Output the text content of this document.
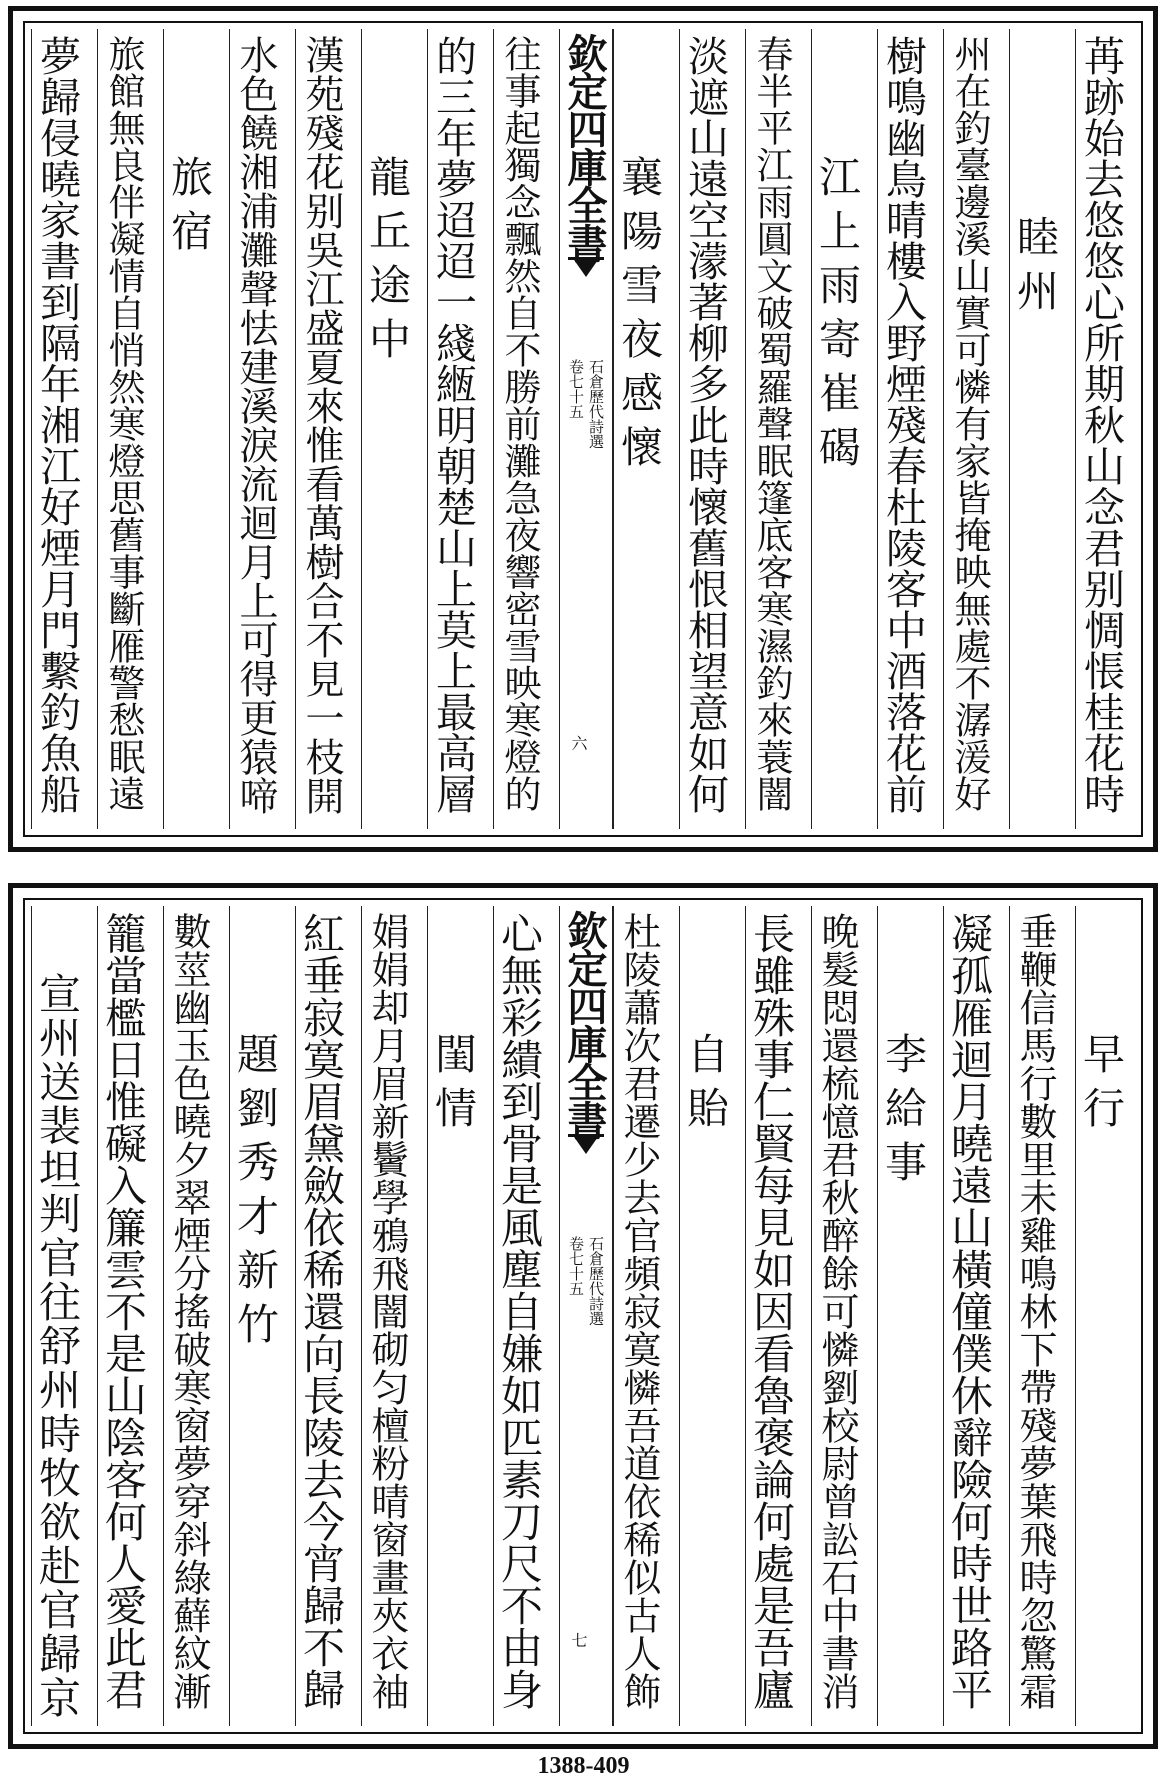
苒跡始去悠悠心所期秋山念君别惆悵桂花時
睦州
州在釣臺邊溪山實可憐有家皆掩映無處不潺湲好
樹鳴幽鳥晴樓入野煙殘春杜陵客中酒落花前
江上雨寄崔碣
春半平江雨圓文破蜀羅聲眠篷底客寒濕釣來蓑闇
淡遮山遠空濛著柳多此時懷舊恨相望意如何
襄陽雪夜感懷
欽定四庫全書
石倉歷代詩選
卷七十五
六
往事起獨念飄然自不勝前灘急夜響密雪映寒燈的
的三年夢迢迢一綫緪明朝楚山上莫上最高層
龍丘途中
漢苑殘花别吳江盛夏來惟看萬樹合不見一枝開
水色饒湘浦灘聲怯建溪淚流迴月上可得更猿啼
旅宿
旅館無良伴凝情自悄然寒燈思舊事斷雁警愁眠遠
夢歸侵曉家書到隔年湘江好煙月門繫釣魚船
早行
垂鞭信馬行數里未雞鳴林下帶殘夢葉飛時忽驚霜
凝孤雁迴月曉遠山橫僮僕休辭險何時世路平
李給事
晚髮悶還梳憶君秋醉餘可憐劉校尉曾訟石中書消
長雖殊事仁賢每見如因看魯褒論何處是吾廬
自貽
杜陵蕭次君遷少去官頻寂寞憐吾道依稀似古人飾
欽定四庫全書
石倉歷代詩選
卷七十五
七
心無彩繢到骨是風塵自嫌如匹素刀尺不由身
閨情
娟娟却月眉新鬢學鴉飛闇砌匀檀粉晴窗畫夾衣袖
紅垂寂寞眉黛斂依稀還向長陵去今宵歸不歸
題劉秀才新竹
數莖幽玉色曉夕翠煙分搖破寒窗夢穿斜綠蘚紋漸
籠當檻日惟礙入簾雲不是山陰客何人愛此君
宣州送裴坦判官往舒州時牧欲赴官歸京
1388-409
